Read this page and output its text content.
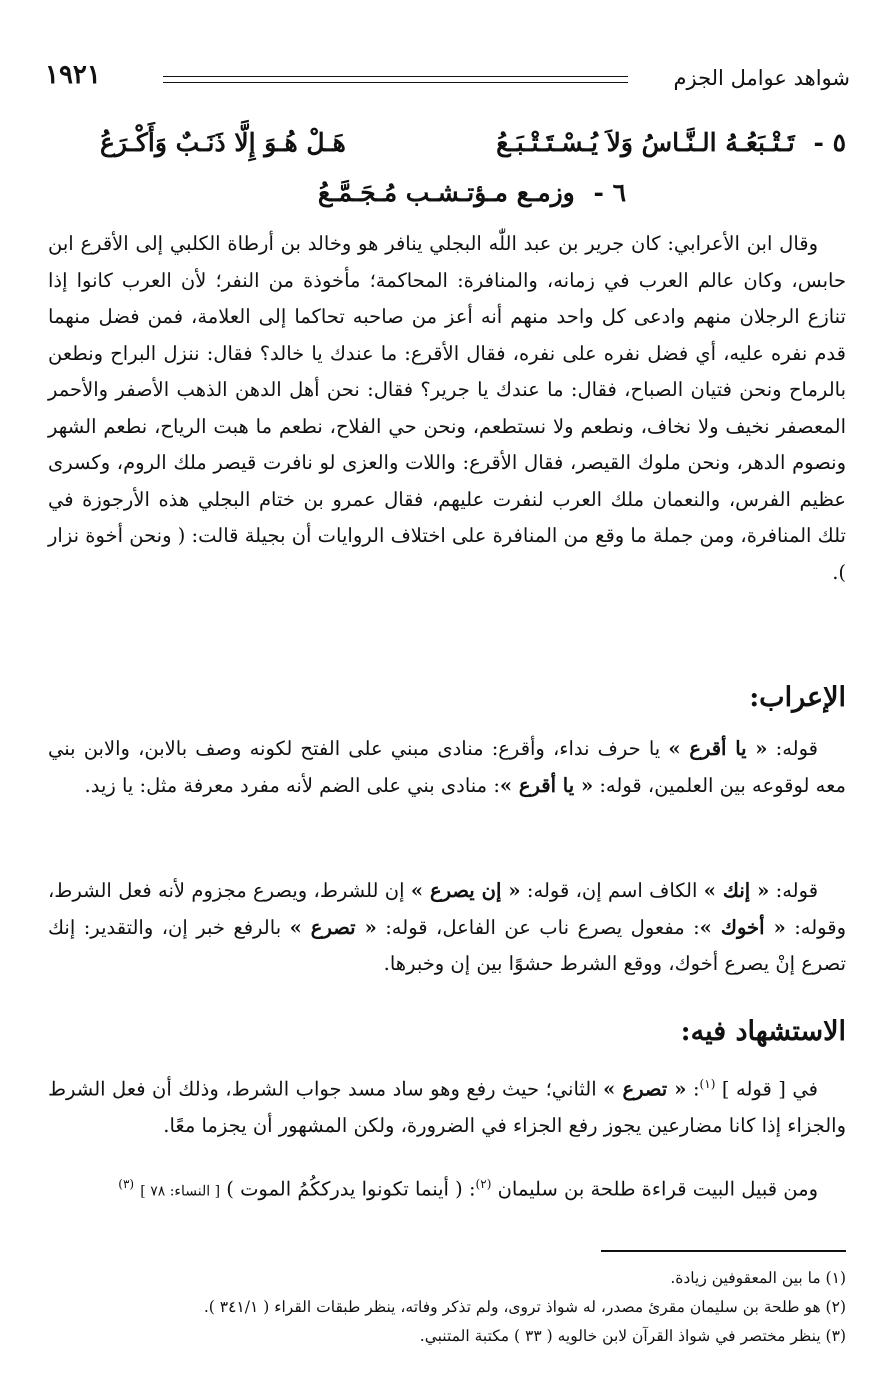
شواهد عوامل الجزم
١٩٢١
٥ - تَـتْـبَعُـهُ الـنَّـاسُ وَلاَ يُـسْـتَـتْـبَـعُ
هَـلْ هُـوَ إِلَّا ذَنَـبٌ وَأَكْـرَعُ
٦ - وزمـع مـؤتـشـب مُـجَـمَّـعُ

وقال ابن الأعرابي: كان جرير بن عبد اللّٰه البجلي ينافر هو وخالد بن أرطاة الكلبي إلى الأقرع ابن حابس، وكان عالم العرب في زمانه، والمنافرة: المحاكمة؛ مأخوذة من النفر؛ لأن العرب كانوا إذا تنازع الرجلان منهم وادعى كل واحد منهم أنه أعز من صاحبه تحاكما إلى العلامة، فمن فضل منهما قدم نفره عليه، أي فضل نفره على نفره، فقال الأقرع: ما عندك يا خالد؟ فقال: ننزل البراح ونطعن بالرماح ونحن فتيان الصباح، فقال: ما عندك يا جرير؟ فقال: نحن أهل الدهن الذهب الأصفر والأحمر المعصفر نخيف ولا نخاف، ونطعم ولا نستطعم، ونحن حي الفلاح، نطعم ما هبت الرياح، نطعم الشهر ونصوم الدهر، ونحن ملوك القيصر، فقال الأقرع: واللات والعزى لو نافرت قيصر ملك الروم، وكسرى عظيم الفرس، والنعمان ملك العرب لنفرت عليهم، فقال عمرو بن ختام البجلي هذه الأرجوزة في تلك المنافرة، ومن جملة ما وقع من المنافرة على اختلاف الروايات أن بجيلة قالت: ( ونحن أخوة نزار ).

الإعراب:

قوله: « يا أقرع » يا حرف نداء، وأقرع: منادى مبني على الفتح لكونه وصف بالابن، والابن بني معه لوقوعه بين العلمين، قوله: « يا أقرع »: منادى بني على الضم لأنه مفرد معرفة مثل: يا زيد.

قوله: « إنك » الكاف اسم إن، قوله: « إن يصرع » إن للشرط، ويصرع مجزوم لأنه فعل الشرط، وقوله: « أخوك »: مفعول يصرع ناب عن الفاعل، قوله: « تصرع » بالرفع خبر إن، والتقدير: إنك تصرع إنْ يصرع أخوك، ووقع الشرط حشوًا بين إن وخبرها.

الاستشهاد فيه:

في [ قوله ] $^{(١)}$: « تصرع » الثاني؛ حيث رفع وهو ساد مسد جواب الشرط، وذلك أن فعل الشرط والجزاء إذا كانا مضارعين يجوز رفع الجزاء في الضرورة، ولكن المشهور أن يجزما معًا.

ومن قبيل البيت قراءة طلحة بن سليمان $^{(٢)}$: ( أينما تكونوا يدرككُمُ الموت ) [ النساء: ٧٨ ] $^{(٣)}$

(١) ما بين المعقوفين زيادة.
(٢) هو طلحة بن سليمان مقرئ مصدر، له شواذ تروى، ولم تذكر وفاته، ينظر طبقات القراء ( ٣٤١/١ ).
(٣) ينظر مختصر في شواذ القرآن لابن خالويه ( ٣٣ ) مكتبة المتنبي.
